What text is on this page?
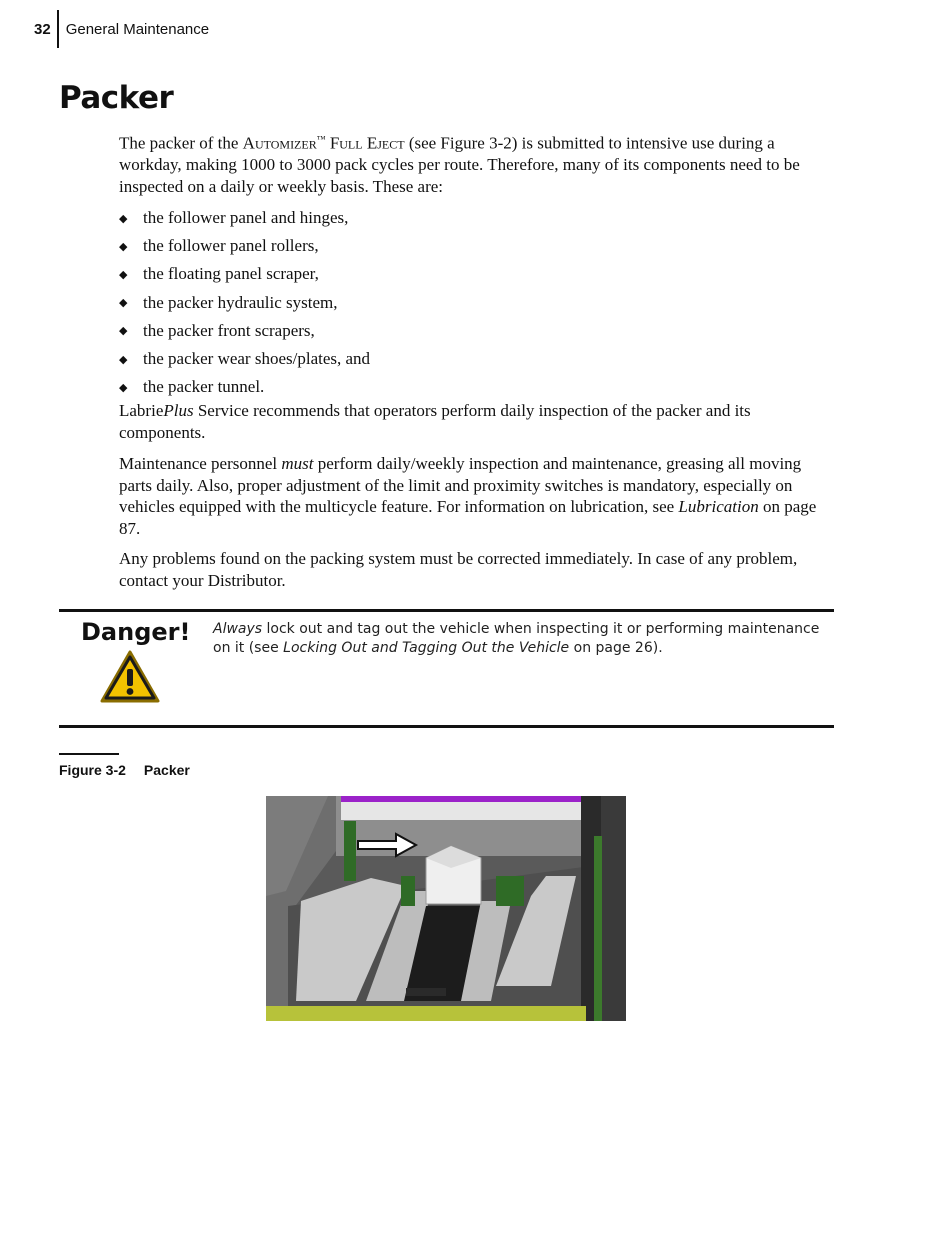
32	General Maintenance
Packer

The packer of the Automizer™ Full Eject (see Figure 3-2) is submitted to intensive use during a workday, making 1000 to 3000 pack cycles per route. Therefore, many of its components need to be inspected on a daily or weekly basis. These are:

◆ the follower panel and hinges,
◆ the follower panel rollers,
◆ the floating panel scraper,
◆ the packer hydraulic system,
◆ the packer front scrapers,
◆ the packer wear shoes/plates, and
◆ the packer tunnel.

LabriePlus Service recommends that operators perform daily inspection of the packer and its components.

Maintenance personnel must perform daily/weekly inspection and maintenance, greasing all moving parts daily. Also, proper adjustment of the limit and proximity switches is mandatory, especially on vehicles equipped with the multicycle feature. For information on lubrication, see Lubrication on page 87.

Any problems found on the packing system must be corrected immediately. In case of any problem, contact your Distributor.

Danger! Always lock out and tag out the vehicle when inspecting it or performing maintenance on it (see Locking Out and Tagging Out the Vehicle on page 26).

Figure 3-2 Packer
